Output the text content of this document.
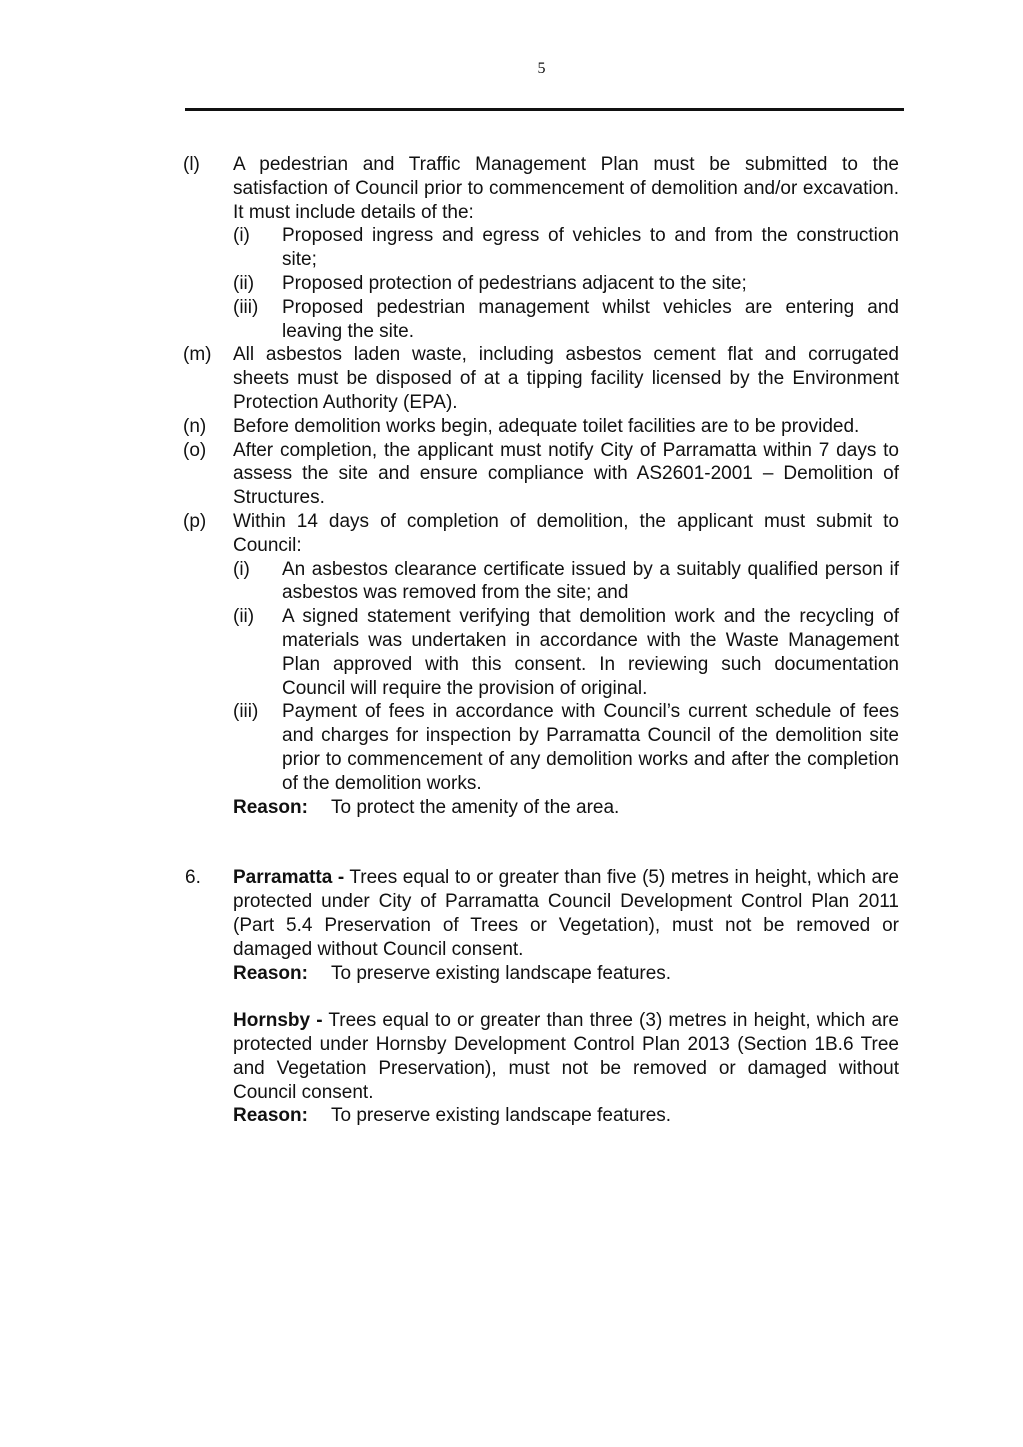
5
(l) A pedestrian and Traffic Management Plan must be submitted to the satisfaction of Council prior to commencement of demolition and/or excavation. It must include details of the:
(i) Proposed ingress and egress of vehicles to and from the construction site;
(ii) Proposed protection of pedestrians adjacent to the site;
(iii) Proposed pedestrian management whilst vehicles are entering and leaving the site.
(m) All asbestos laden waste, including asbestos cement flat and corrugated sheets must be disposed of at a tipping facility licensed by the Environment Protection Authority (EPA).
(n) Before demolition works begin, adequate toilet facilities are to be provided.
(o) After completion, the applicant must notify City of Parramatta within 7 days to assess the site and ensure compliance with AS2601-2001 – Demolition of Structures.
(p) Within 14 days of completion of demolition, the applicant must submit to Council:
(i) An asbestos clearance certificate issued by a suitably qualified person if asbestos was removed from the site; and
(ii) A signed statement verifying that demolition work and the recycling of materials was undertaken in accordance with the Waste Management Plan approved with this consent. In reviewing such documentation Council will require the provision of original.
(iii) Payment of fees in accordance with Council’s current schedule of fees and charges for inspection by Parramatta Council of the demolition site prior to commencement of any demolition works and after the completion of the demolition works.
Reason: To protect the amenity of the area.
6. Parramatta - Trees equal to or greater than five (5) metres in height, which are protected under City of Parramatta Council Development Control Plan 2011 (Part 5.4 Preservation of Trees or Vegetation), must not be removed or damaged without Council consent.
Reason: To preserve existing landscape features.
Hornsby - Trees equal to or greater than three (3) metres in height, which are protected under Hornsby Development Control Plan 2013 (Section 1B.6 Tree and Vegetation Preservation), must not be removed or damaged without Council consent.
Reason: To preserve existing landscape features.
